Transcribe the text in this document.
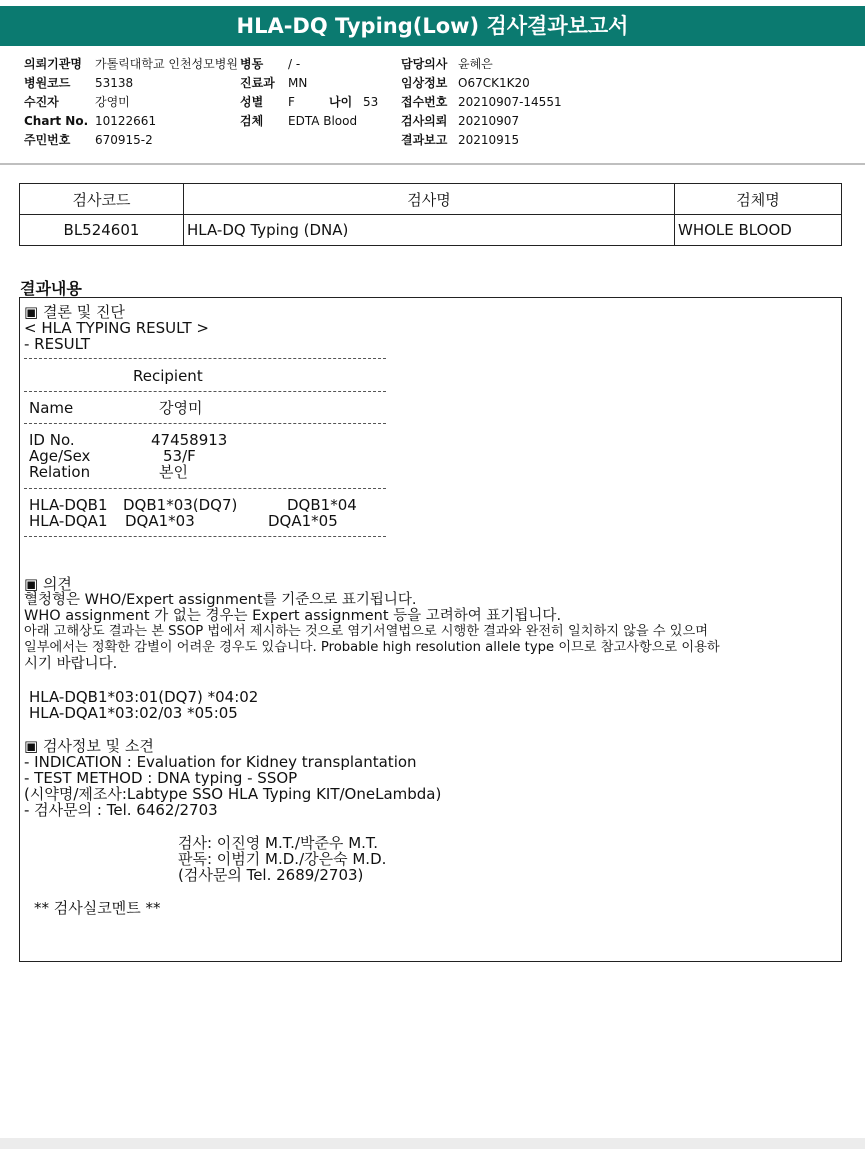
HLA-DQ Typing(Low) 검사결과보고서
의뢰기관명 가톨릭대학교 인천성모병원
병원코드 53138
수진자	강영미
Chart No. 10122661
주민번호 670915-2
병동 / -
진료과 MN
성별 F	나이 53
검체 EDTA Blood
담당의사 윤혜은
임상정보 O67CK1K20
접수번호 20210907-14551
검사의뢰 20210907
결과보고 20210915
검사코드	검사명	검체명
BL524601	HLA-DQ Typing (DNA)	WHOLE BLOOD
결과내용
▣ 결론 및 진단
< HLA TYPING RESULT >
- RESULT
Recipient
Name	강영미
ID No.	47458913
Age/Sex	53/F
Relation	본인
HLA-DQB1 DQB1*03(DQ7)	DQB1*04
HLA-DQA1 DQA1*03	DQA1*05
▣ 의견
혈청형은 WHO/Expert assignment를 기준으로 표기됩니다.
WHO assignment 가 없는 경우는 Expert assignment 등을 고려하여 표기됩니다.
아래 고해상도 결과는 본 SSOP 법에서 제시하는 것으로 염기서열법으로 시행한 결과와 완전히 일치하지 않을 수 있으며
일부에서는 정확한 감별이 어려운 경우도 있습니다. Probable high resolution allele type 이므로 참고사항으로 이용하
시기 바랍니다.
HLA-DQB1*03:01(DQ7) *04:02
HLA-DQA1*03:02/03 *05:05
▣ 검사정보 및 소견
- INDICATION : Evaluation for Kidney transplantation
- TEST METHOD : DNA typing - SSOP
(시약명/제조사:Labtype SSO HLA Typing KIT/OneLambda)
- 검사문의 : Tel. 6462/2703
검사: 이진영 M.T./박준우 M.T.
판독: 이범기 M.D./강은숙 M.D.
(검사문의 Tel. 2689/2703)
** 검사실코멘트 **
